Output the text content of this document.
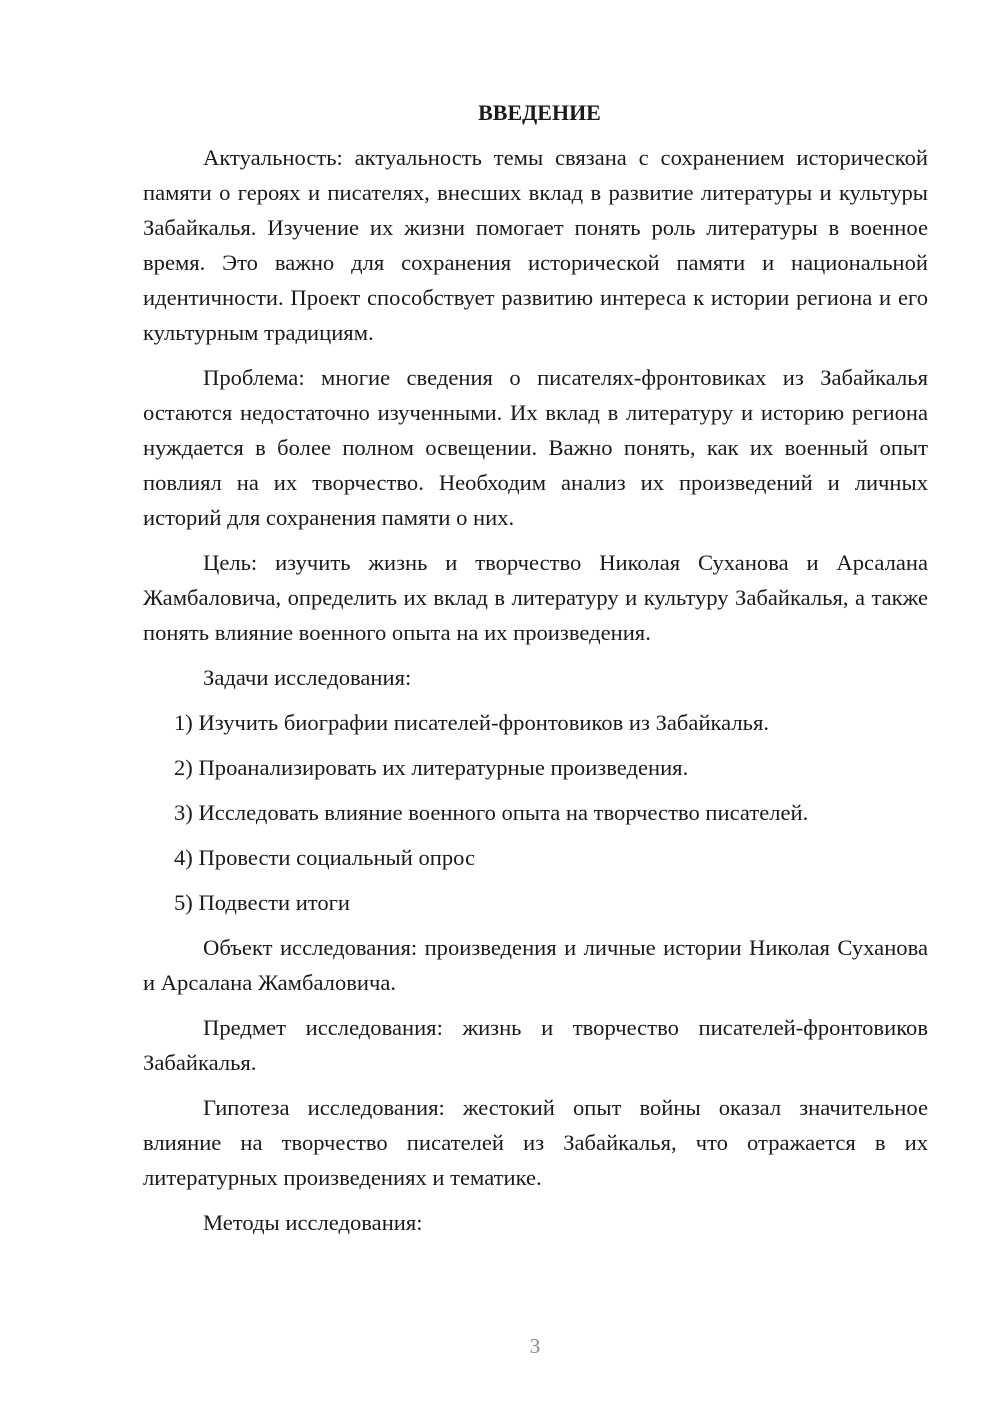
ВВЕДЕНИЕ

Актуальность: актуальность темы связана с сохранением исторической памяти о героях и писателях, внесших вклад в развитие литературы и культуры Забайкалья. Изучение их жизни помогает понять роль литературы в военное время. Это важно для сохранения исторической памяти и национальной идентичности. Проект способствует развитию интереса к истории региона и его культурным традициям.

Проблема: многие сведения о писателях-фронтовиках из Забайкалья остаются недостаточно изученными. Их вклад в литературу и историю региона нуждается в более полном освещении. Важно понять, как их военный опыт повлиял на их творчество. Необходим анализ их произведений и личных историй для сохранения памяти о них.

Цель: изучить жизнь и творчество Николая Суханова и Арсалана Жамбаловича, определить их вклад в литературу и культуру Забайкалья, а также понять влияние военного опыта на их произведения.

Задачи исследования:

1) Изучить биографии писателей-фронтовиков из Забайкалья.
2) Проанализировать их литературные произведения.
3) Исследовать влияние военного опыта на творчество писателей.
4) Провести социальный опрос
5) Подвести итоги

Объект исследования: произведения и личные истории Николая Суханова и Арсалана Жамбаловича.

Предмет исследования: жизнь и творчество писателей-фронтовиков Забайкалья.

Гипотеза исследования: жестокий опыт войны оказал значительное влияние на творчество писателей из Забайкалья, что отражается в их литературных произведениях и тематике.

Методы исследования:

3
